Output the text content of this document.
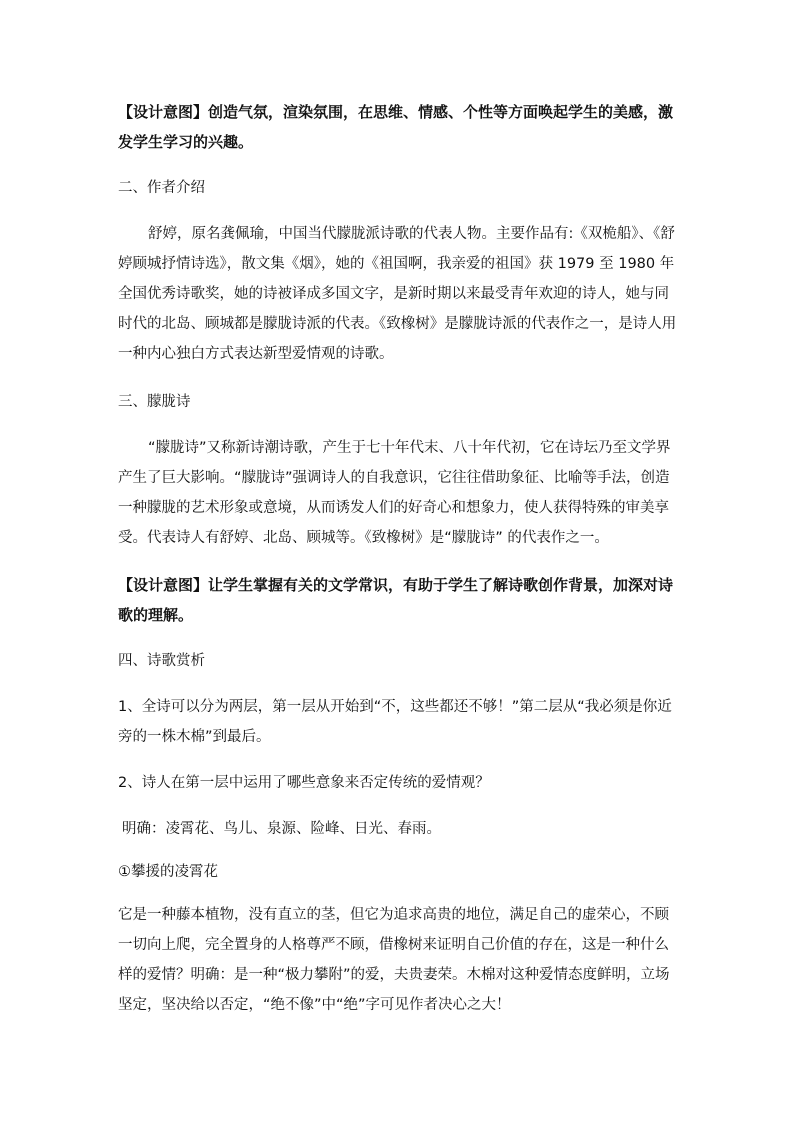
【设计意图】创造气氛，渲染氛围，在思维、情感、个性等方面唤起学生的美感，激发学生学习的兴趣。

二、作者介绍

舒婷，原名龚佩瑜，中国当代朦胧派诗歌的代表人物。主要作品有:《双桅船》、《舒婷顾城抒情诗选》，散文集《烟》，她的《祖国啊，我亲爱的祖国》获 1979 至 1980 年全国优秀诗歌奖，她的诗被译成多国文字，是新时期以来最受青年欢迎的诗人，她与同时代的北岛、顾城都是朦胧诗派的代表。《致橡树》是朦胧诗派的代表作之一，是诗人用一种内心独白方式表达新型爱情观的诗歌。

三、朦胧诗

“朦胧诗”又称新诗潮诗歌，产生于七十年代末、八十年代初，它在诗坛乃至文学界产生了巨大影响。“朦胧诗”强调诗人的自我意识，它往往借助象征、比喻等手法，创造一种朦胧的艺术形象或意境，从而诱发人们的好奇心和想象力，使人获得特殊的审美享受。代表诗人有舒婷、北岛、顾城等。《致橡树》是“朦胧诗” 的代表作之一。

【设计意图】让学生掌握有关的文学常识，有助于学生了解诗歌创作背景，加深对诗歌的理解。

四、诗歌赏析

1、全诗可以分为两层，第一层从开始到“不，这些都还不够！”第二层从“我必须是你近旁的一株木棉”到最后。

2、诗人在第一层中运用了哪些意象来否定传统的爱情观？

明确：凌霄花、鸟儿、泉源、险峰、日光、春雨。

①攀援的凌霄花

它是一种藤本植物，没有直立的茎，但它为追求高贵的地位，满足自己的虚荣心，不顾一切向上爬，完全置身的人格尊严不顾，借橡树来证明自己价值的存在，这是一种什么样的爱情？明确：是一种“极力攀附”的爱，夫贵妻荣。木棉对这种爱情态度鲜明，立场坚定，坚决给以否定，“绝不像”中“绝”字可见作者决心之大！
